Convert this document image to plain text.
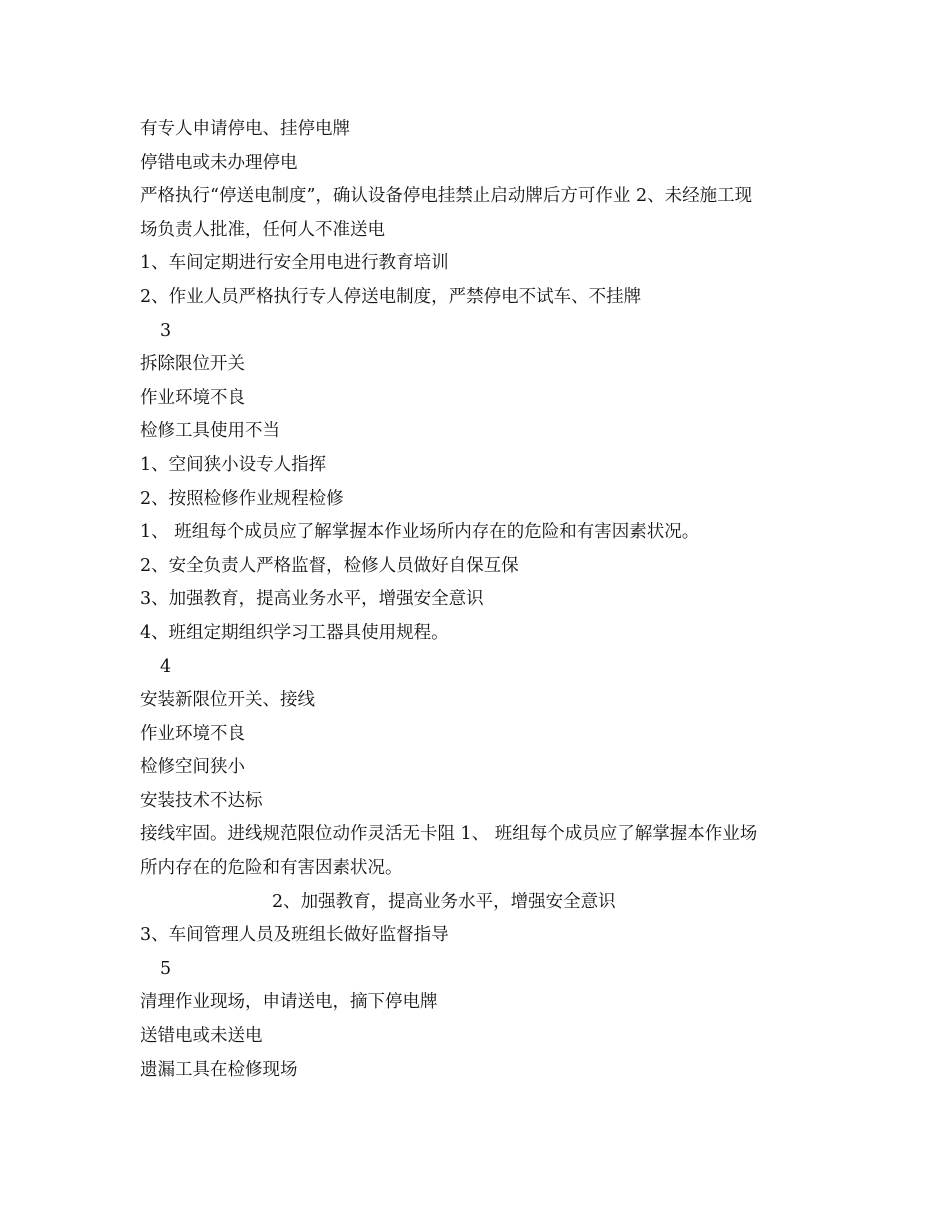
有专人申请停电、挂停电牌

停错电或未办理停电

严格执行“停送电制度”，确认设备停电挂禁止启动牌后方可作业 2、未经施工现

场负责人批准，任何人不准送电

1、车间定期进行安全用电进行教育培训

2、作业人员严格执行专人停送电制度，严禁停电不试车、不挂牌

3

拆除限位开关

作业环境不良

检修工具使用不当

1、空间狭小设专人指挥

2、按照检修作业规程检修

1、 班组每个成员应了解掌握本作业场所内存在的危险和有害因素状况。

2、安全负责人严格监督，检修人员做好自保互保

3、加强教育，提高业务水平，增强安全意识

4、班组定期组织学习工器具使用规程。

4

安装新限位开关、接线

作业环境不良

检修空间狭小

安装技术不达标

接线牢固。进线规范限位动作灵活无卡阻 1、 班组每个成员应了解掌握本作业场

所内存在的危险和有害因素状况。

2、加强教育，提高业务水平，增强安全意识

3、车间管理人员及班组长做好监督指导

5

清理作业现场，申请送电，摘下停电牌

送错电或未送电

遗漏工具在检修现场
